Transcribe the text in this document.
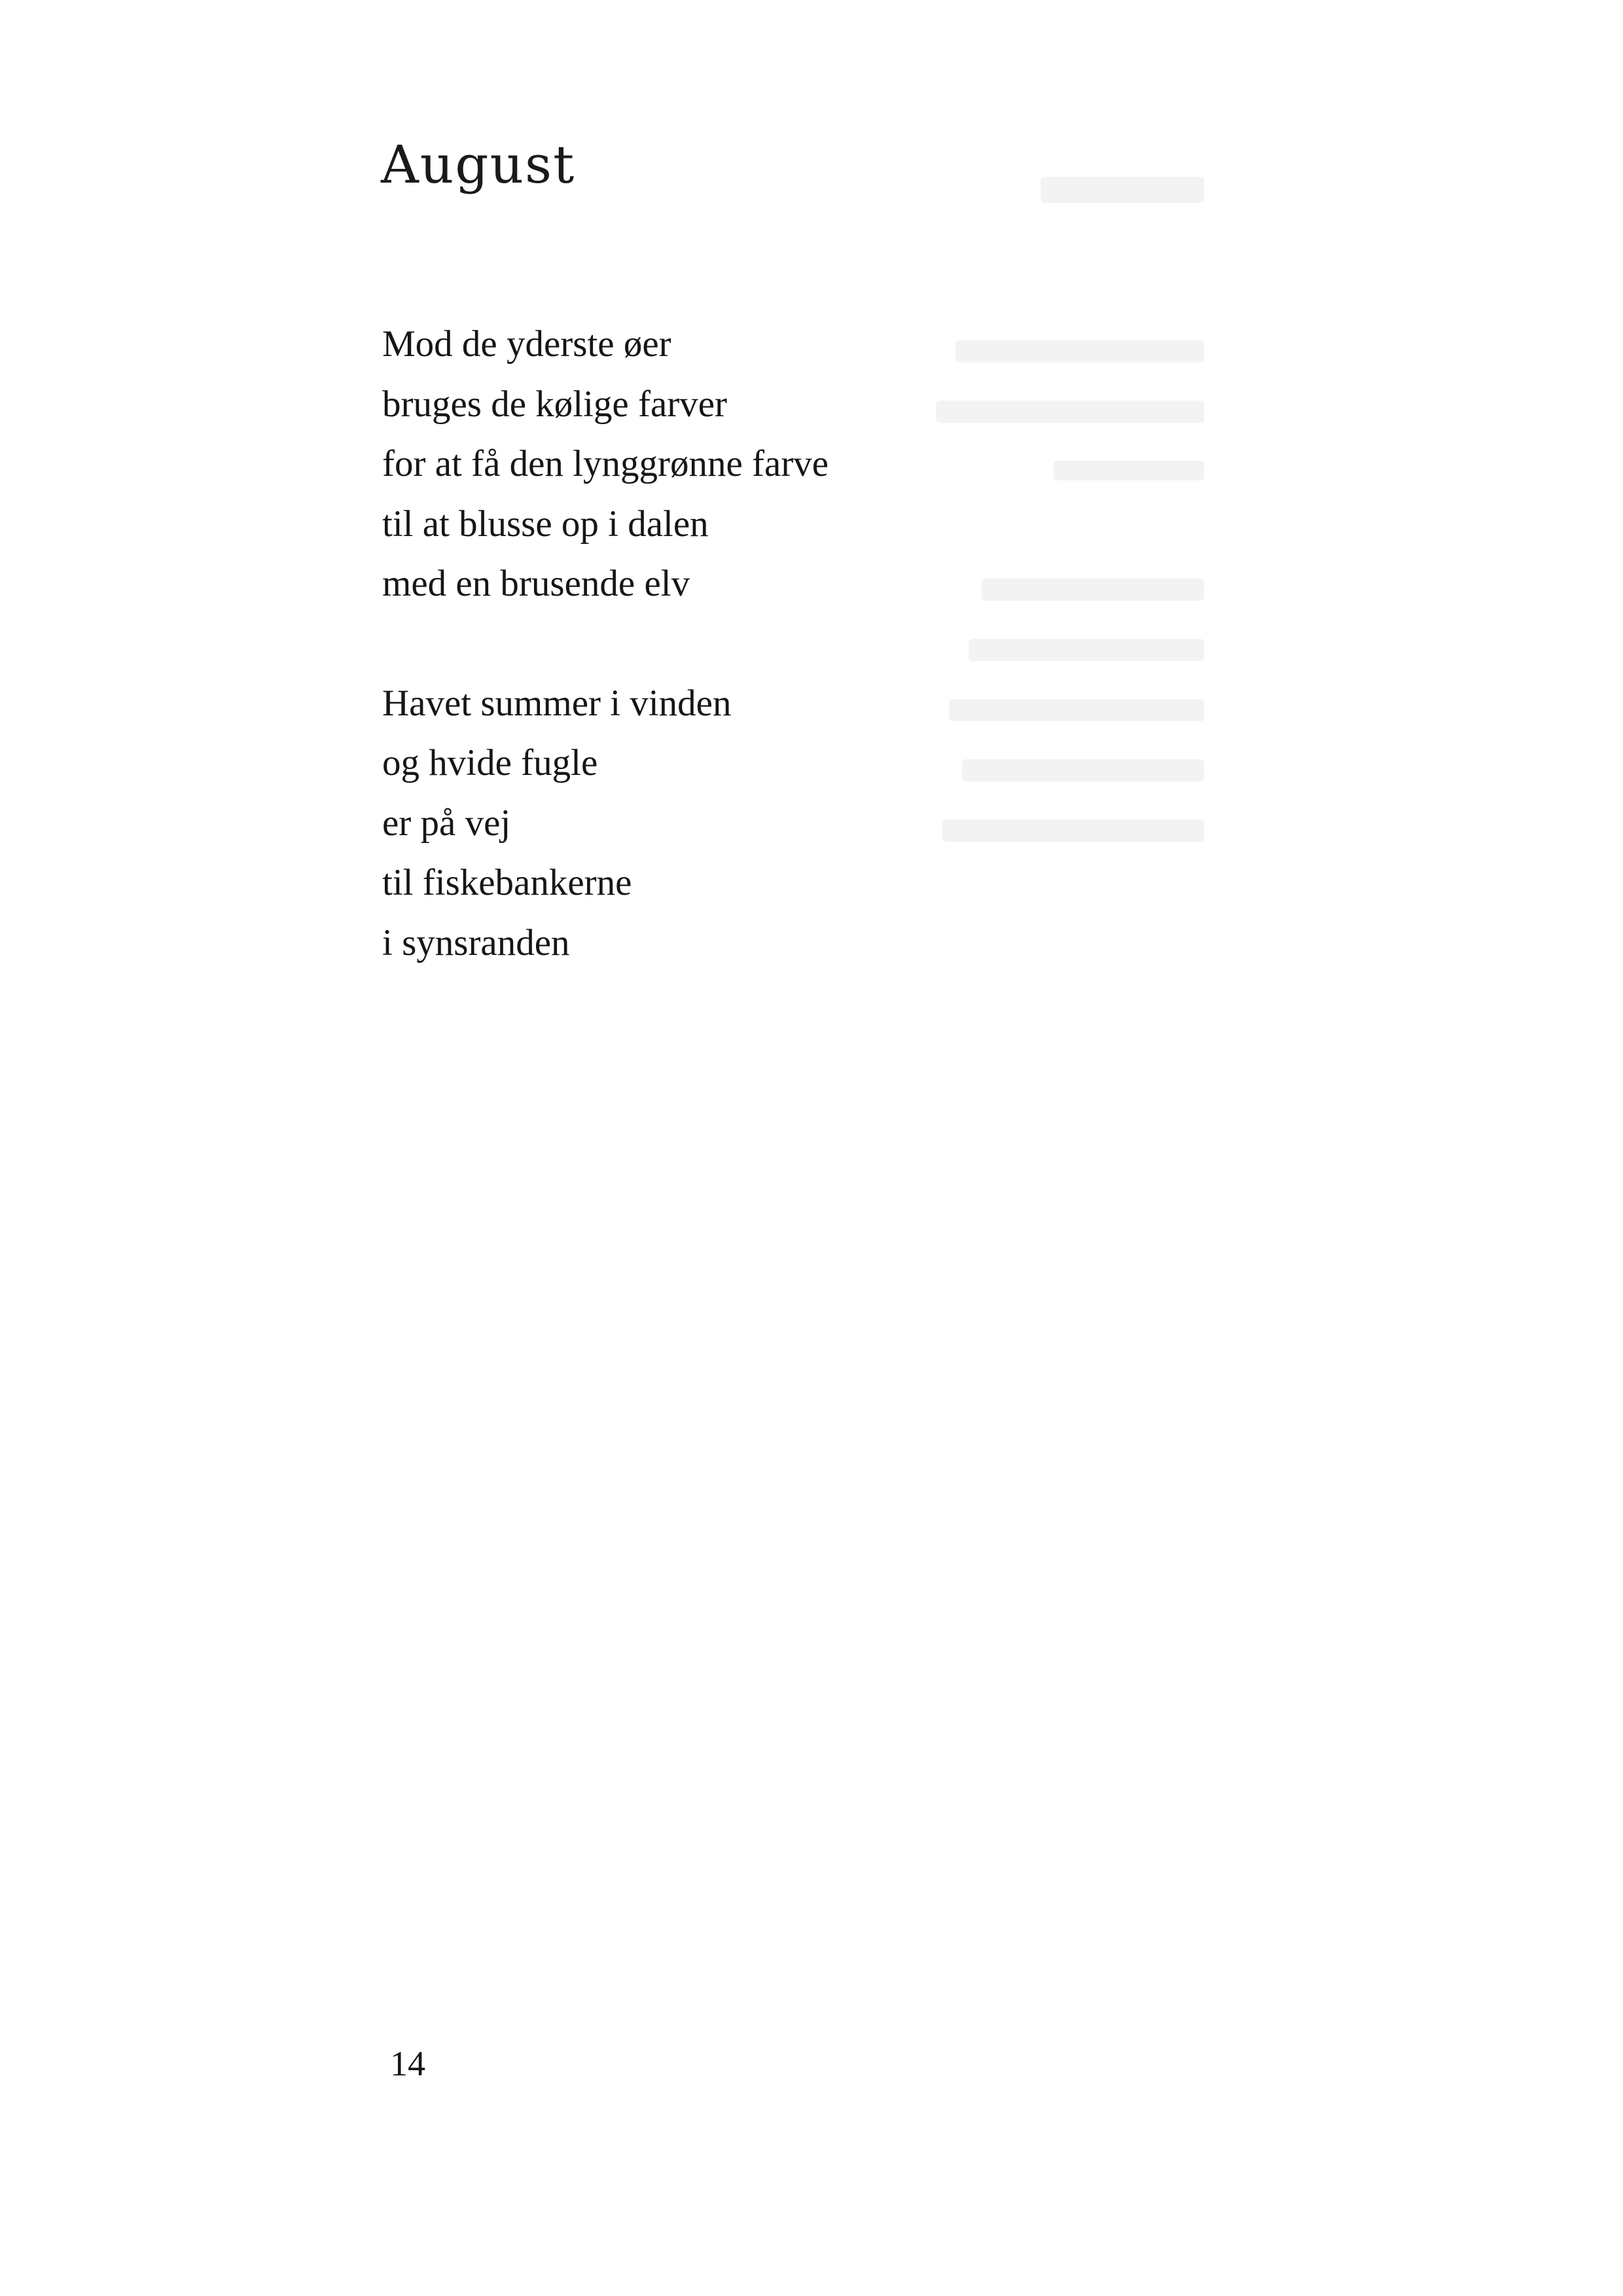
August
Mod de yderste øer
bruges de kølige farver
for at få den lynggrønne farve
til at blusse op i dalen
med en brusende elv
Havet summer i vinden
og hvide fugle
er på vej
til fiskebankerne
i synsranden
14
